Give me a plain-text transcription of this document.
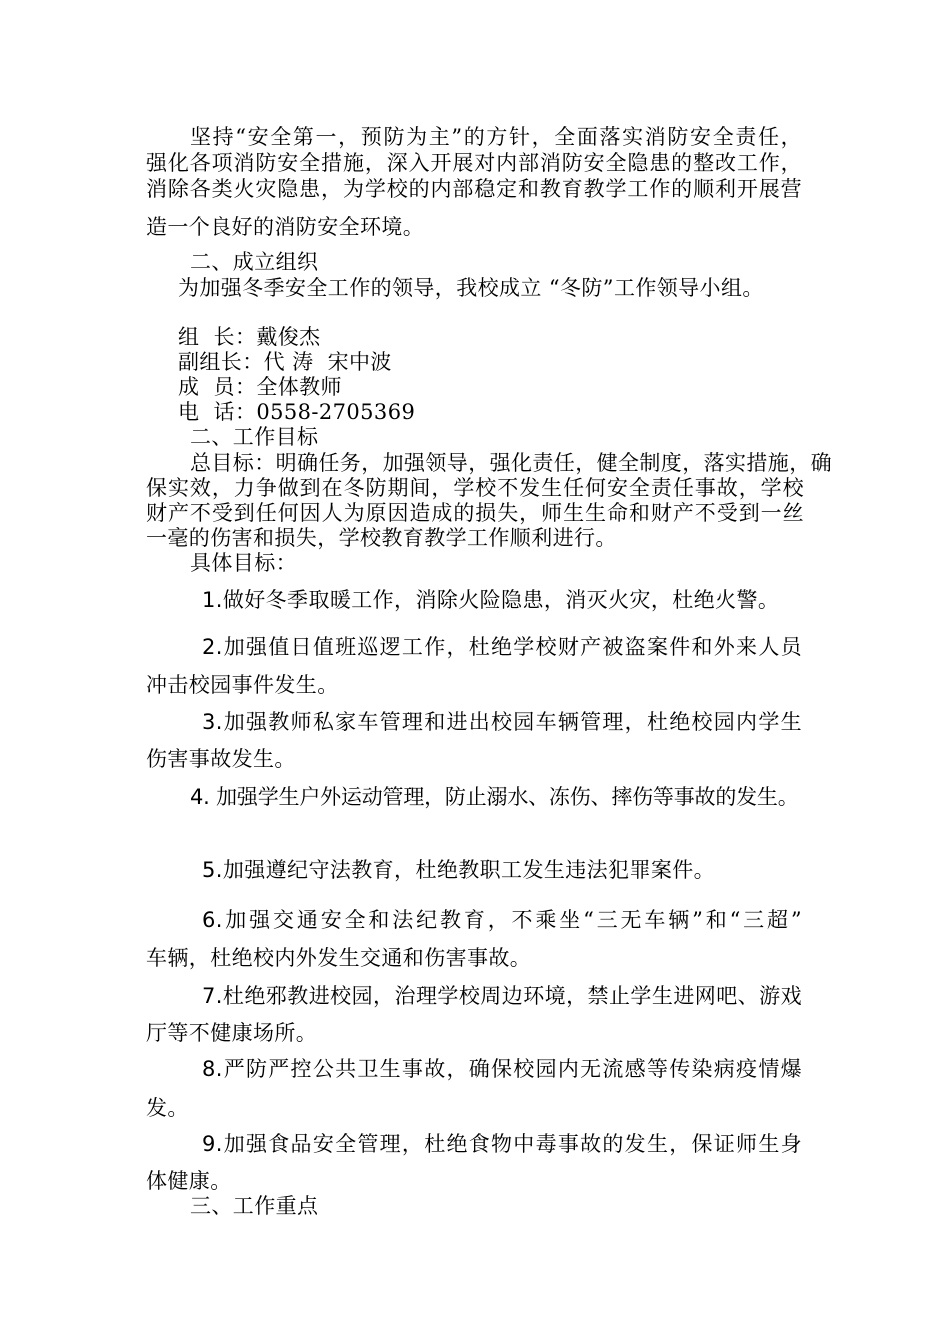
坚持“安全第一，预防为主”的方针，全面落实消防安全责任，
强化各项消防安全措施，深入开展对内部消防安全隐患的整改工作，
消除各类火灾隐患，为学校的内部稳定和教育教学工作的顺利开展营
造一个良好的消防安全环境。
二、成立组织
为加强冬季安全工作的领导，我校成立 “冬防”工作领导小组。
组  长：戴俊杰
副组长：代 涛  宋中波
成  员：全体教师
电  话：0558-2705369
二、工作目标
总目标：明确任务，加强领导，强化责任，健全制度，落实措施，确
保实效，力争做到在冬防期间，学校不发生任何安全责任事故，学校
财产不受到任何因人为原因造成的损失，师生生命和财产不受到一丝
一毫的伤害和损失，学校教育教学工作顺利进行。
具体目标：
1.做好冬季取暖工作，消除火险隐患，消灭火灾，杜绝火警。
2.加强值日值班巡逻工作，杜绝学校财产被盗案件和外来人员
冲击校园事件发生。
3.加强教师私家车管理和进出校园车辆管理，杜绝校园内学生
伤害事故发生。
4. 加强学生户外运动管理，防止溺水、冻伤、摔伤等事故的发生。
5.加强遵纪守法教育，杜绝教职工发生违法犯罪案件。
6.加强交通安全和法纪教育，不乘坐“三无车辆”和“三超”
车辆，杜绝校内外发生交通和伤害事故。
7.杜绝邪教进校园，治理学校周边环境，禁止学生进网吧、游戏
厅等不健康场所。
8.严防严控公共卫生事故，确保校园内无流感等传染病疫情爆
发。
9.加强食品安全管理，杜绝食物中毒事故的发生，保证师生身
体健康。
三、工作重点
